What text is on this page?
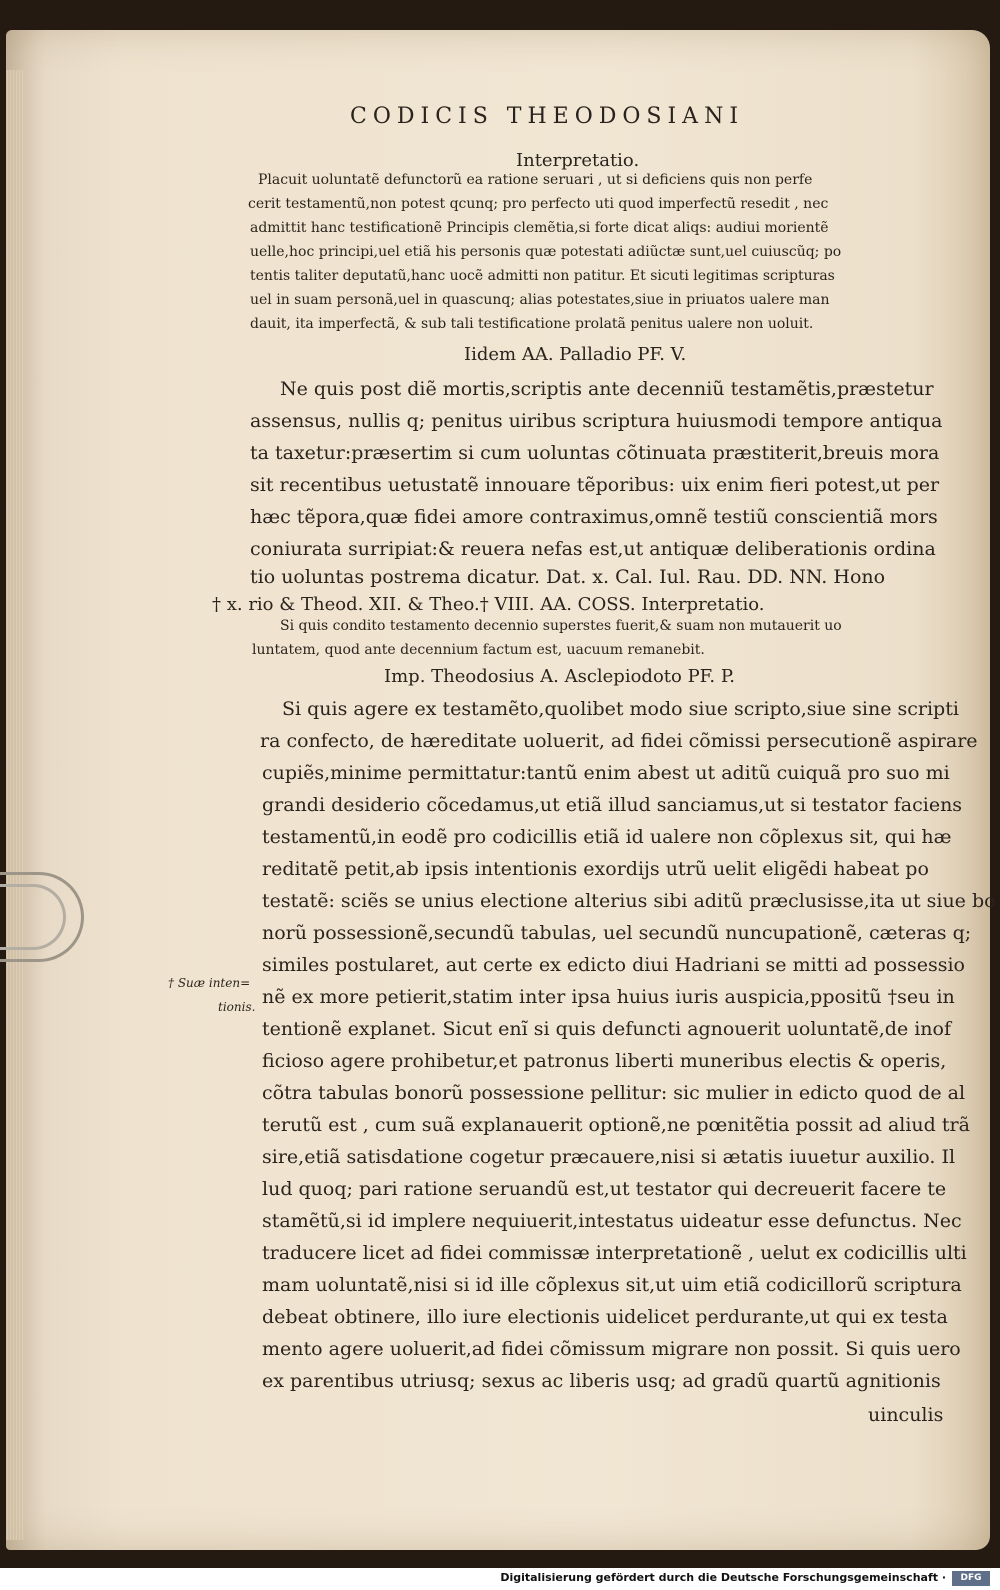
CODICIS THEODOSIANI
Interpretatio.
Placuit uoluntatẽ defunctorũ ea ratione seruari , ut si deficiens quis non perfe
cerit testamentũ,non potest qcunq; pro perfecto uti quod imperfectũ resedit , nec
admittit hanc testificationẽ Principis clemẽtia,si forte dicat aliqs: audiui morientẽ
uelle,hoc principi,uel etiã his personis quæ potestati adiũctæ sunt,uel cuiuscũq; po
tentis taliter deputatũ,hanc uocẽ admitti non patitur. Et sicuti legitimas scripturas
uel in suam personã,uel in quascunq; alias potestates,siue in priuatos ualere man
dauit, ita imperfectã, & sub tali testificatione prolatã penitus ualere non uoluit.
Iidem AA. Palladio PF. V.
Ne quis post diẽ mortis,scriptis ante decenniũ testamẽtis,præstetur
assensus, nullis q; penitus uiribus scriptura huiusmodi tempore antiqua
ta taxetur:præsertim si cum uoluntas cõtinuata præstiterit,breuis mora
sit recentibus uetustatẽ innouare tẽporibus: uix enim fieri potest,ut per
hæc tẽpora,quæ fidei amore contraximus,omnẽ testiũ conscientiã mors
coniurata surripiat:& reuera nefas est,ut antiquæ deliberationis ordina
tio uoluntas postrema dicatur. Dat. x. Cal. Iul. Rau. DD. NN. Hono
† x. rio & Theod. XII. & Theo.† VIII. AA. COSS. Interpretatio.
Si quis condito testamento decennio superstes fuerit,& suam non mutauerit uo
luntatem, quod ante decennium factum est, uacuum remanebit.
Imp. Theodosius A. Asclepiodoto PF. P.
Si quis agere ex testamẽto,quolibet modo siue scripto,siue sine scripti
ra confecto, de hæreditate uoluerit, ad fidei cõmissi persecutionẽ aspirare
cupiẽs,minime permittatur:tantũ enim abest ut aditũ cuiquã pro suo mi
grandi desiderio cõcedamus,ut etiã illud sanciamus,ut si testator faciens
testamentũ,in eodẽ pro codicillis etiã id ualere non cõplexus sit, qui hæ
reditatẽ petit,ab ipsis intentionis exordijs utrũ uelit eligẽdi habeat po
testatẽ: sciẽs se unius electione alterius sibi aditũ præclusisse,ita ut siue bo
norũ possessionẽ,secundũ tabulas, uel secundũ nuncupationẽ, cæteras q;
similes postularet, aut certe ex edicto diui Hadriani se mitti ad possessio
nẽ ex more petierit,statim inter ipsa huius iuris auspicia,ppositũ †seu in
tentionẽ explanet. Sicut enĩ si quis defuncti agnouerit uoluntatẽ,de inof
ficioso agere prohibetur,et patronus liberti muneribus electis & operis,
cõtra tabulas bonorũ possessione pellitur: sic mulier in edicto quod de al
terutũ est , cum suã explanauerit optionẽ,ne pœnitẽtia possit ad aliud trã
sire,etiã satisdatione cogetur præcauere,nisi si ætatis iuuetur auxilio. Il
lud quoq; pari ratione seruandũ est,ut testator qui decreuerit facere te
stamẽtũ,si id implere nequiuerit,intestatus uideatur esse defunctus. Nec
traducere licet ad fidei commissæ interpretationẽ , uelut ex codicillis ulti
mam uoluntatẽ,nisi si id ille cõplexus sit,ut uim etiã codicillorũ scriptura
debeat obtinere, illo iure electionis uidelicet perdurante,ut qui ex testa
mento agere uoluerit,ad fidei cõmissum migrare non possit. Si quis uero
ex parentibus utriusq; sexus ac liberis usq; ad gradũ quartũ agnitionis
uinculis
† Suæ inten=
tionis.
Digitalisierung gefördert durch die Deutsche Forschungsgemeinschaft ·	DFG
